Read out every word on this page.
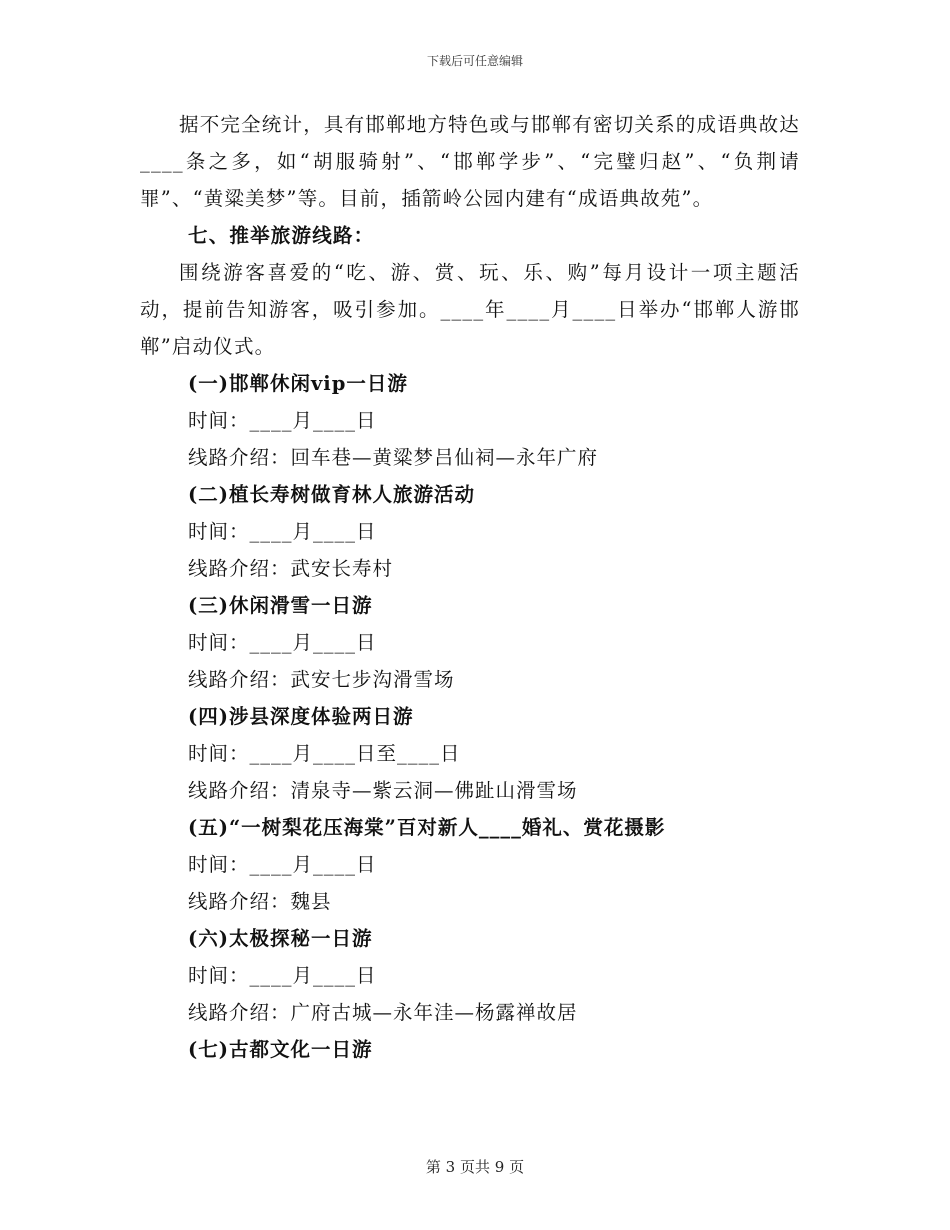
下载后可任意编辑

据不完全统计，具有邯郸地方特色或与邯郸有密切关系的成语典故达____条之多，如“胡服骑射”、“邯郸学步”、“完璧归赵”、“负荆请罪”、“黄粱美梦”等。目前，插箭岭公园内建有“成语典故苑”。

七、推举旅游线路：

围绕游客喜爱的“吃、游、赏、玩、乐、购”每月设计一项主题活动，提前告知游客，吸引参加。____年____月____日举办“邯郸人游邯郸”启动仪式。

(一)邯郸休闲vip一日游

时间：____月____日

线路介绍：回车巷—黄粱梦吕仙祠—永年广府

(二)植长寿树做育林人旅游活动

时间：____月____日

线路介绍：武安长寿村

(三)休闲滑雪一日游

时间：____月____日

线路介绍：武安七步沟滑雪场

(四)涉县深度体验两日游

时间：____月____日至____日

线路介绍：清泉寺—紫云洞—佛趾山滑雪场

(五)“一树梨花压海棠”百对新人____婚礼、赏花摄影

时间：____月____日

线路介绍：魏县

(六)太极探秘一日游

时间：____月____日

线路介绍：广府古城—永年洼—杨露禅故居

(七)古都文化一日游

第 3 页共 9 页
